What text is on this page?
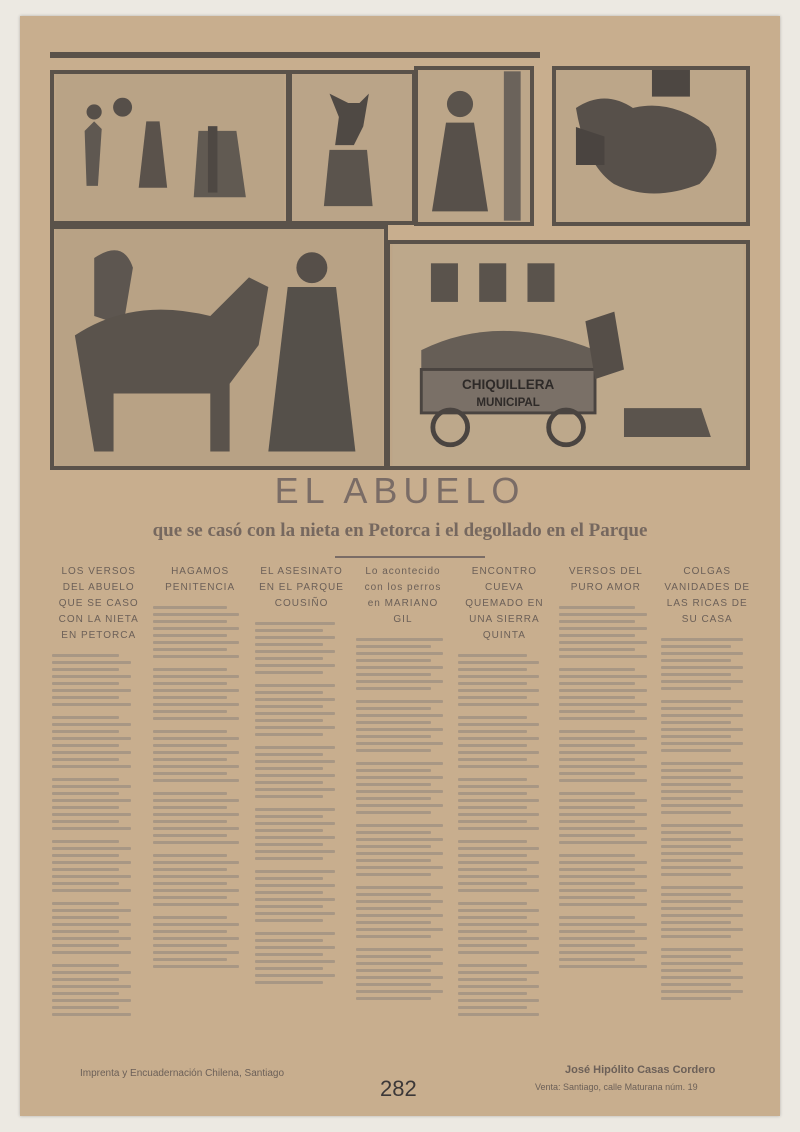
CHIQUILLERA
MUNICIPAL
EL ABUELO
que se casó con la nieta en Petorca i el degollado en el Parque
LOS VERSOS DEL ABUELO QUE SE CASO CON LA NIETA EN PETORCA
HAGAMOS PENITENCIA
EL ASESINATO EN EL PARQUE COUSIÑO
Lo acontecido con los perros en MARIANO GIL
ENCONTRO CUEVA QUEMADO EN UNA SIERRA QUINTA
VERSOS DEL PURO AMOR
COLGAS VANIDADES DE LAS RICAS DE SU CASA
Imprenta y Encuadernación Chilena, Santiago
282
José Hipólito Casas Cordero
Venta: Santiago, calle Maturana núm. 19
